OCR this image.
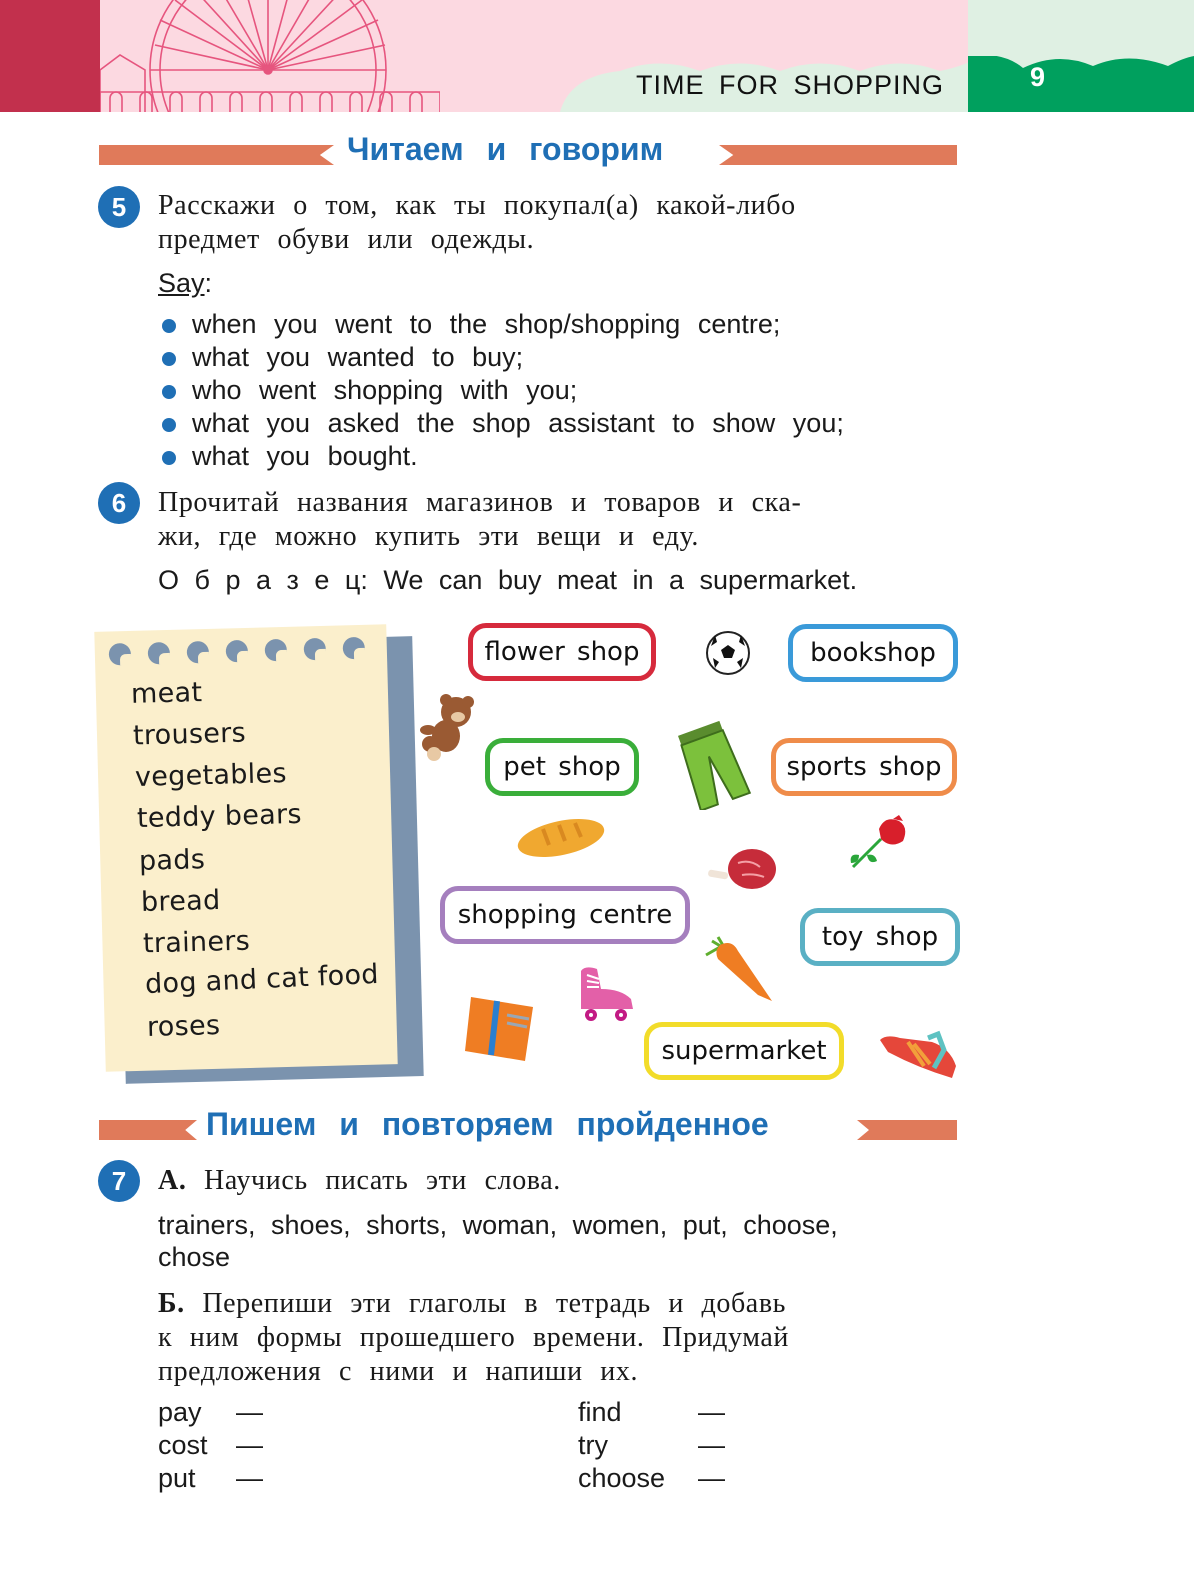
TIME FOR SHOPPING	9
Читаем и говорим
5	Расскажи о том, как ты покупал(а) какой-либо
предмет обуви или одежды.
Say:
when you went to the shop/shopping centre;
what you wanted to buy;
who went shopping with you;
what you asked the shop assistant to show you;
what you bought.
6	Прочитай названия магазинов и товаров и ска-
жи, где можно купить эти вещи и еду.
О б р а з е ц: We can buy meat in a supermarket.
meat
trousers
vegetables
teddy bears
pads
bread
trainers
dog and cat food
roses
flower shop	bookshop
pet shop	sports shop
shopping centre
toy shop
supermarket
Пишем и повторяем пройденное
7	А. Научись писать эти слова.
trainers, shoes, shorts, woman, women, put, choose,
chose
Б. Перепиши эти глаголы в тетрадь и добавь
к ним формы прошедшего времени. Придумай
предложения с ними и напиши их.
pay —
cost —
put —
find	—
try	—
choose —
